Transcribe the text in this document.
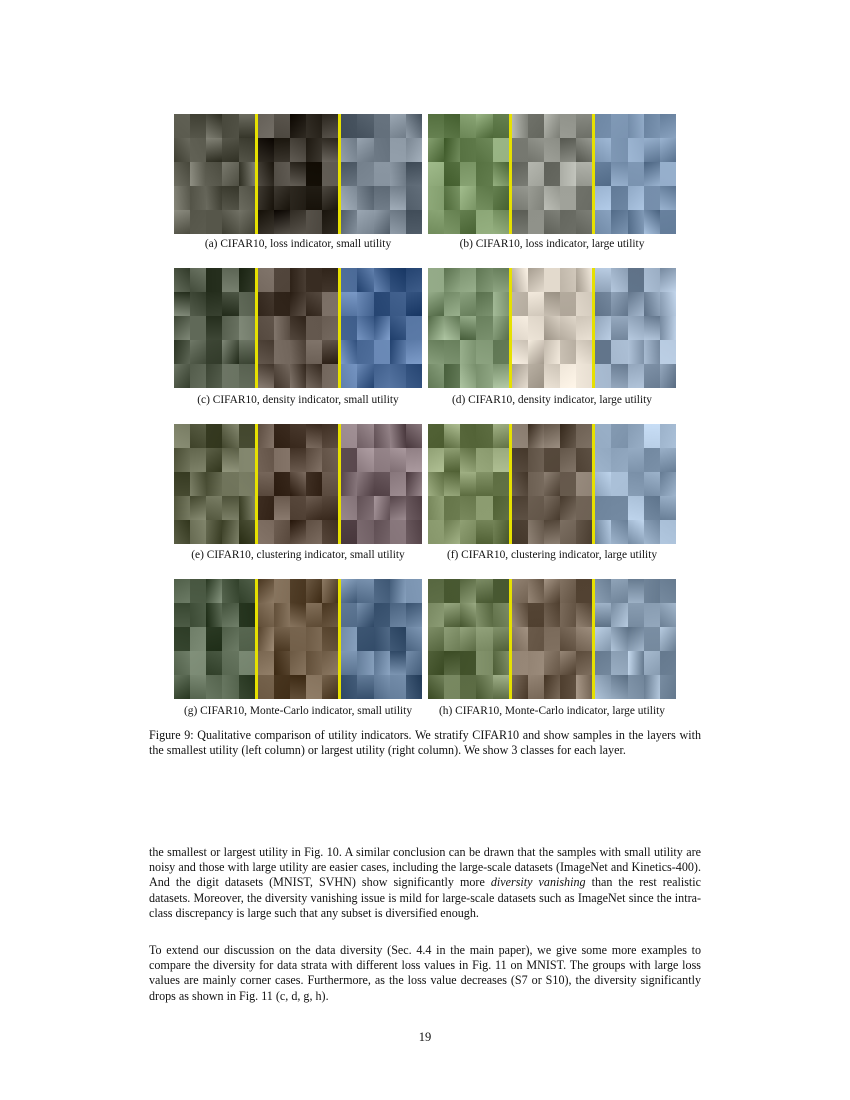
(a) CIFAR10, loss indicator, small utility	(b) CIFAR10, loss indicator, large utility
(c) CIFAR10, density indicator, small utility	(d) CIFAR10, density indicator, large utility
(e) CIFAR10, clustering indicator, small utility	(f) CIFAR10, clustering indicator, large utility
(g) CIFAR10, Monte-Carlo indicator, small utility	(h) CIFAR10, Monte-Carlo indicator, large utility

Figure 9: Qualitative comparison of utility indicators. We stratify CIFAR10 and show samples in the layers with the smallest utility (left column) or largest utility (right column). We show 3 classes for each layer.

the smallest or largest utility in Fig. 10. A similar conclusion can be drawn that the samples with small utility are noisy and those with large utility are easier cases, including the large-scale datasets (ImageNet and Kinetics-400). And the digit datasets (MNIST, SVHN) show significantly more diversity vanishing than the rest realistic datasets. Moreover, the diversity vanishing issue is mild for large-scale datasets such as ImageNet since the intra-class discrepancy is large such that any subset is diversified enough.

To extend our discussion on the data diversity (Sec. 4.4 in the main paper), we give some more examples to compare the diversity for data strata with different loss values in Fig. 11 on MNIST. The groups with large loss values are mainly corner cases. Furthermore, as the loss value decreases (S7 or S10), the diversity significantly drops as shown in Fig. 11 (c, d, g, h).

19
